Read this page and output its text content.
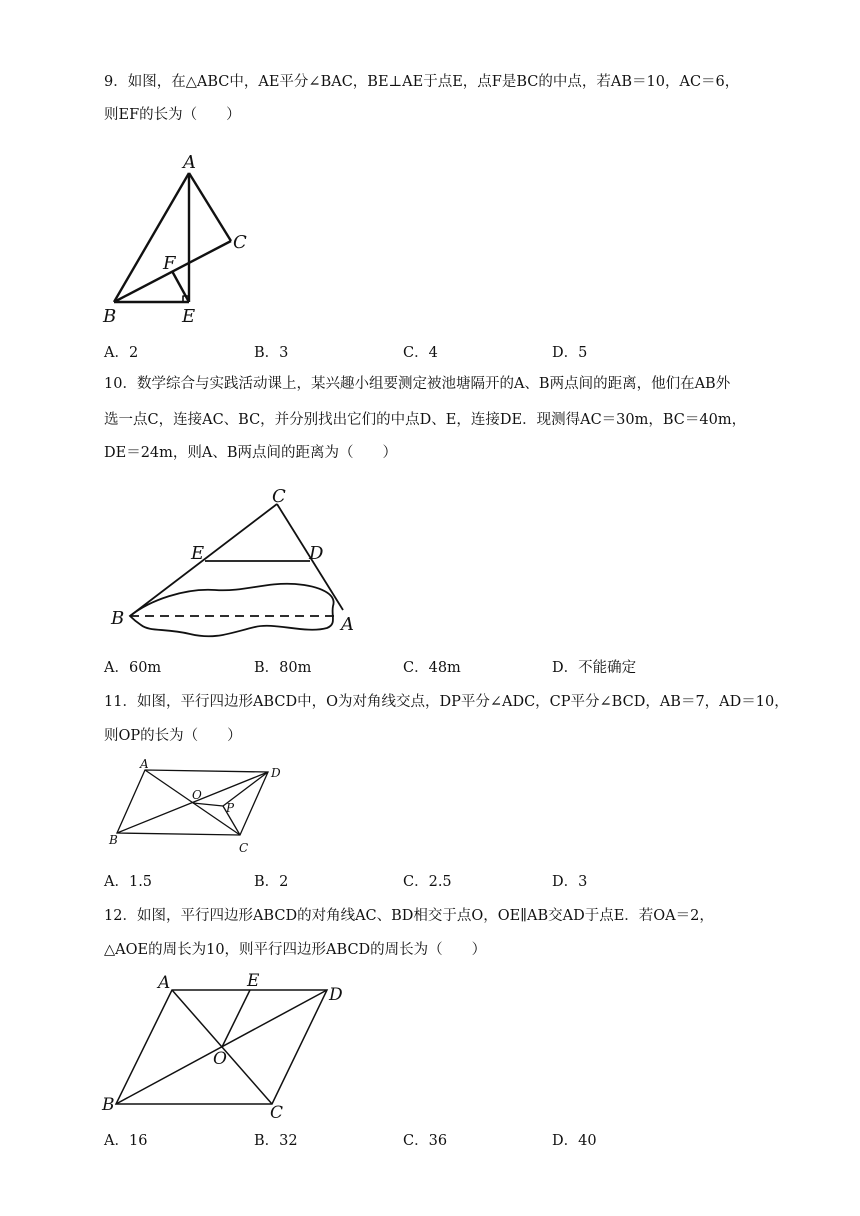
9．如图，在△ABC中，AE平分∠BAC，BE⊥AE于点E，点F是BC的中点，若AB＝10，AC＝6，
则EF的长为（　　）
A
B
C
E
F
A．2	B．3	C．4	D．5
10．数学综合与实践活动课上，某兴趣小组要测定被池塘隔开的A、B两点间的距离，他们在AB外
选一点C，连接AC、BC，并分别找出它们的中点D、E，连接DE．现测得AC＝30m，BC＝40m，
DE＝24m，则A、B两点间的距离为（　　）
C
E	D
B	A
A．60m	B．80m	C．48m	D．不能确定
11．如图，平行四边形ABCD中，O为对角线交点，DP平分∠ADC，CP平分∠BCD，AB＝7，AD＝10，
则OP的长为（　　）
A
D
O
P
B
C
A．1.5	B．2	C．2.5	D．3
12．如图，平行四边形ABCD的对角线AC、BD相交于点O，OE∥AB交AD于点E．若OA＝2，
△AOE的周长为10，则平行四边形ABCD的周长为（　　）
A	E
D
O
B	C
A．16	B．32	C．36	D．40
